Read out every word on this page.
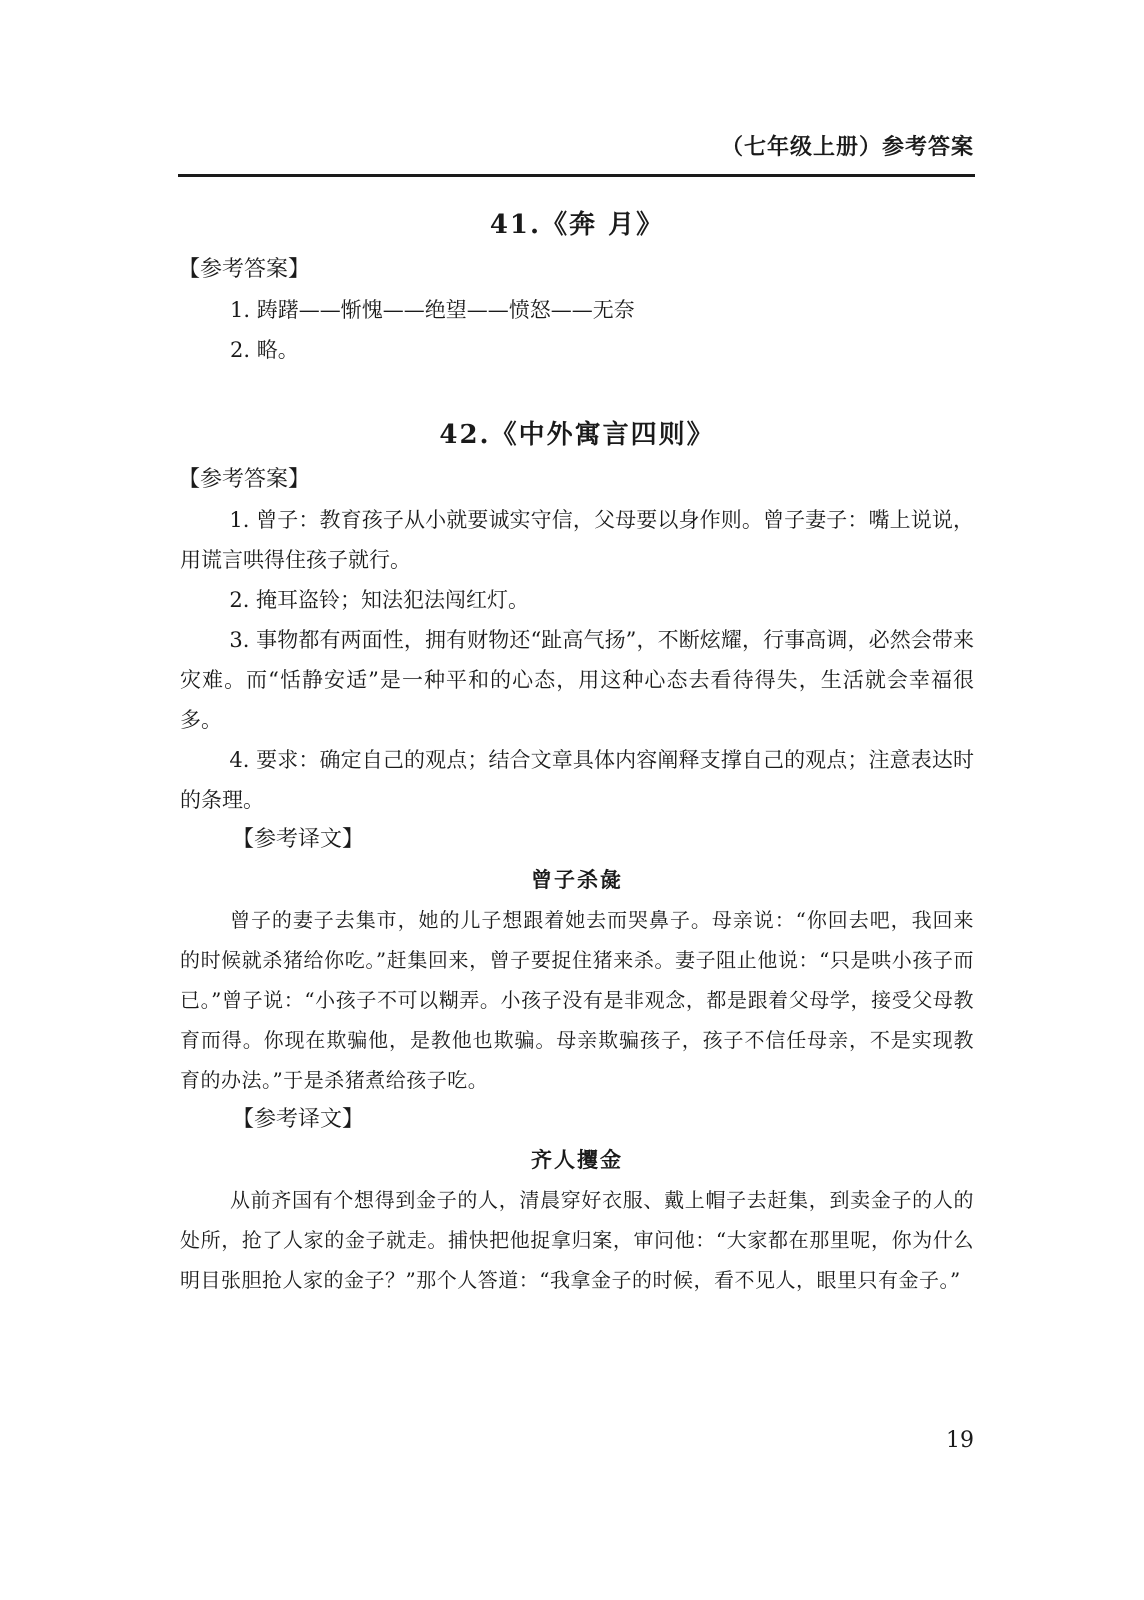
（七年级上册）参考答案
41.《奔 月》
【参考答案】

1. 踌躇——惭愧——绝望——愤怒——无奈

2. 略。

42.《中外寓言四则》
【参考答案】

1. 曾子：教育孩子从小就要诚实守信，父母要以身作则。曾子妻子：嘴上说说，用谎言哄得住孩子就行。

2. 掩耳盗铃；知法犯法闯红灯。

3. 事物都有两面性，拥有财物还“趾高气扬”，不断炫耀，行事高调，必然会带来灾难。而“恬静安适”是一种平和的心态，用这种心态去看待得失，生活就会幸福很多。

4. 要求：确定自己的观点；结合文章具体内容阐释支撑自己的观点；注意表达时的条理。

【参考译文】
曾子杀彘

曾子的妻子去集市，她的儿子想跟着她去而哭鼻子。母亲说：“你回去吧，我回来的时候就杀猪给你吃。”赶集回来，曾子要捉住猪来杀。妻子阻止他说：“只是哄小孩子而已。”曾子说：“小孩子不可以糊弄。小孩子没有是非观念，都是跟着父母学，接受父母教育而得。你现在欺骗他，是教他也欺骗。母亲欺骗孩子，孩子不信任母亲，不是实现教育的办法。”于是杀猪煮给孩子吃。

【参考译文】
齐人攫金

从前齐国有个想得到金子的人，清晨穿好衣服、戴上帽子去赶集，到卖金子的人的处所，抢了人家的金子就走。捕快把他捉拿归案，审问他：“大家都在那里呢，你为什么明目张胆抢人家的金子？”那个人答道：“我拿金子的时候，看不见人，眼里只有金子。”

19
